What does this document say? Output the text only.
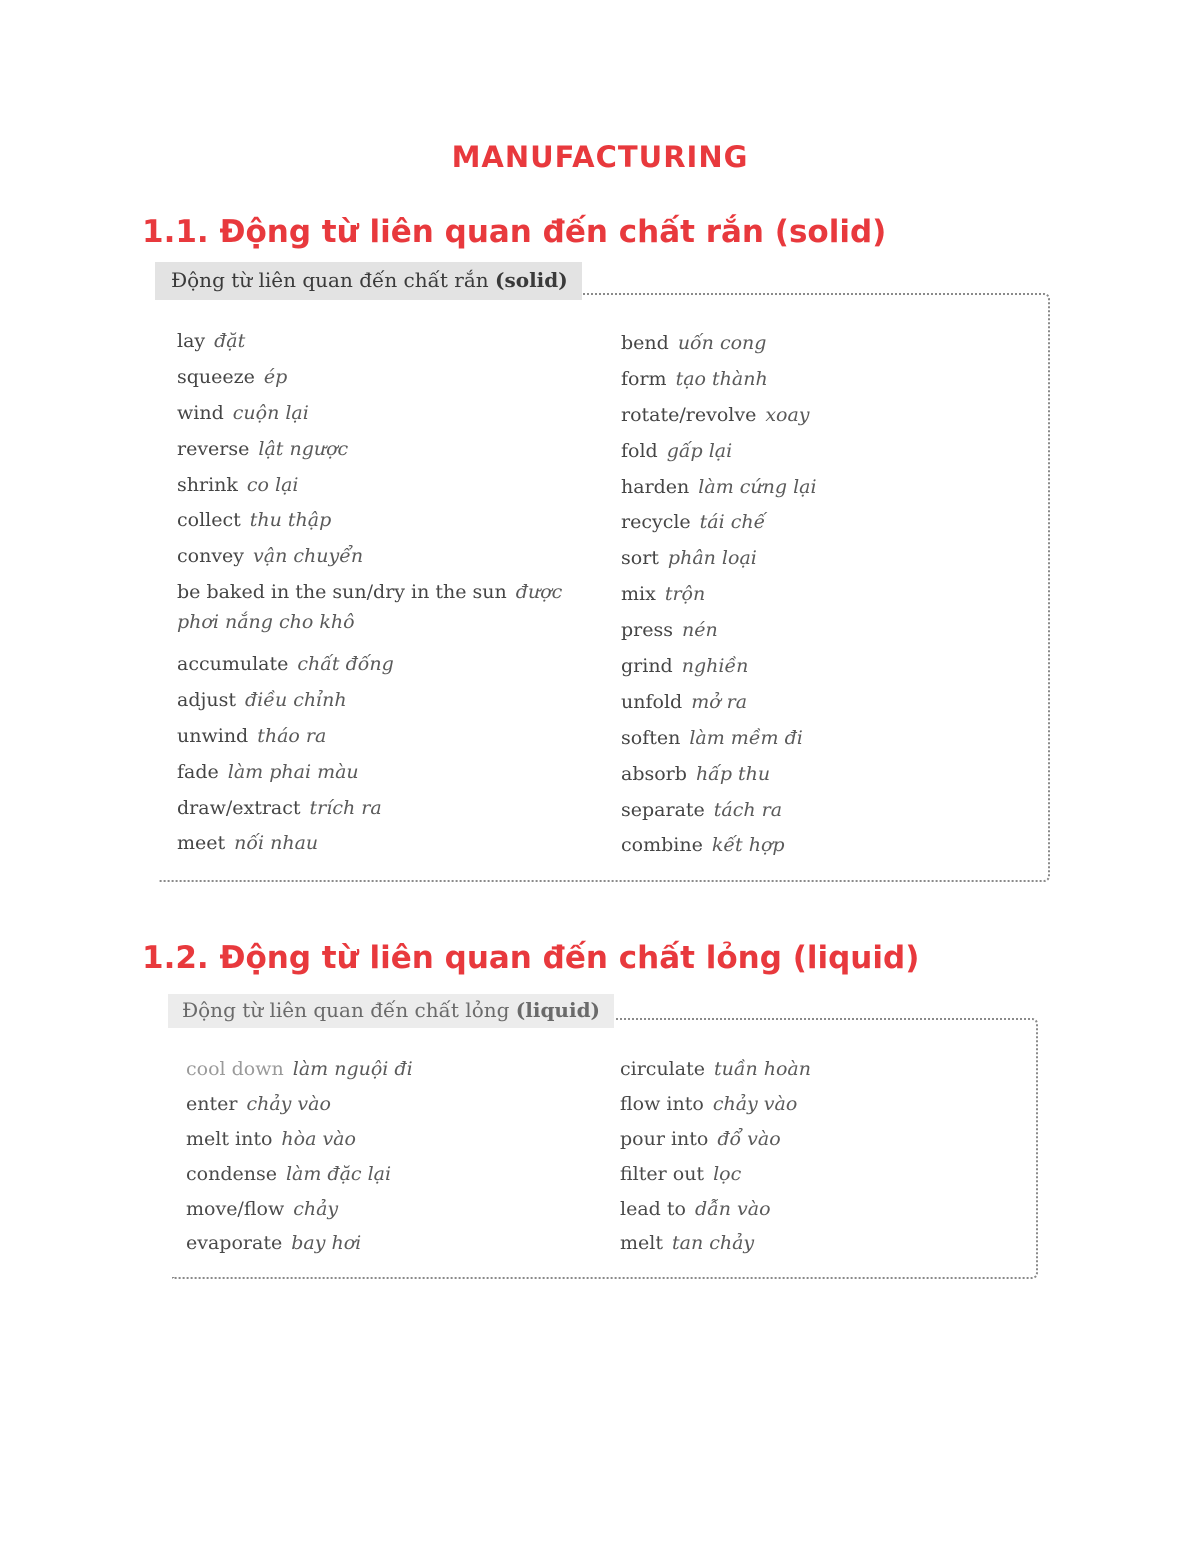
MANUFACTURING
1.1. Động từ liên quan đến chất rắn (solid)
Động từ liên quan đến chất rắn (solid)
lay đặt
squeeze ép
wind cuộn lại
reverse lật ngược
shrink co lại
collect thu thập
convey vận chuyển
be baked in the sun/dry in the sun được phơi nắng cho khô
accumulate chất đống
adjust điều chỉnh
unwind tháo ra
fade làm phai màu
draw/extract trích ra
meet nối nhau
bend uốn cong
form tạo thành
rotate/revolve xoay
fold gấp lại
harden làm cứng lại
recycle tái chế
sort phân loại
mix trộn
press nén
grind nghiền
unfold mở ra
soften làm mềm đi
absorb hấp thu
separate tách ra
combine kết hợp
1.2. Động từ liên quan đến chất lỏng (liquid)
Động từ liên quan đến chất lỏng (liquid)
cool down làm nguội đi
enter chảy vào
melt into hòa vào
condense làm đặc lại
move/flow chảy
evaporate bay hơi
circulate tuần hoàn
flow into chảy vào
pour into đổ vào
filter out lọc
lead to dẫn vào
melt tan chảy
